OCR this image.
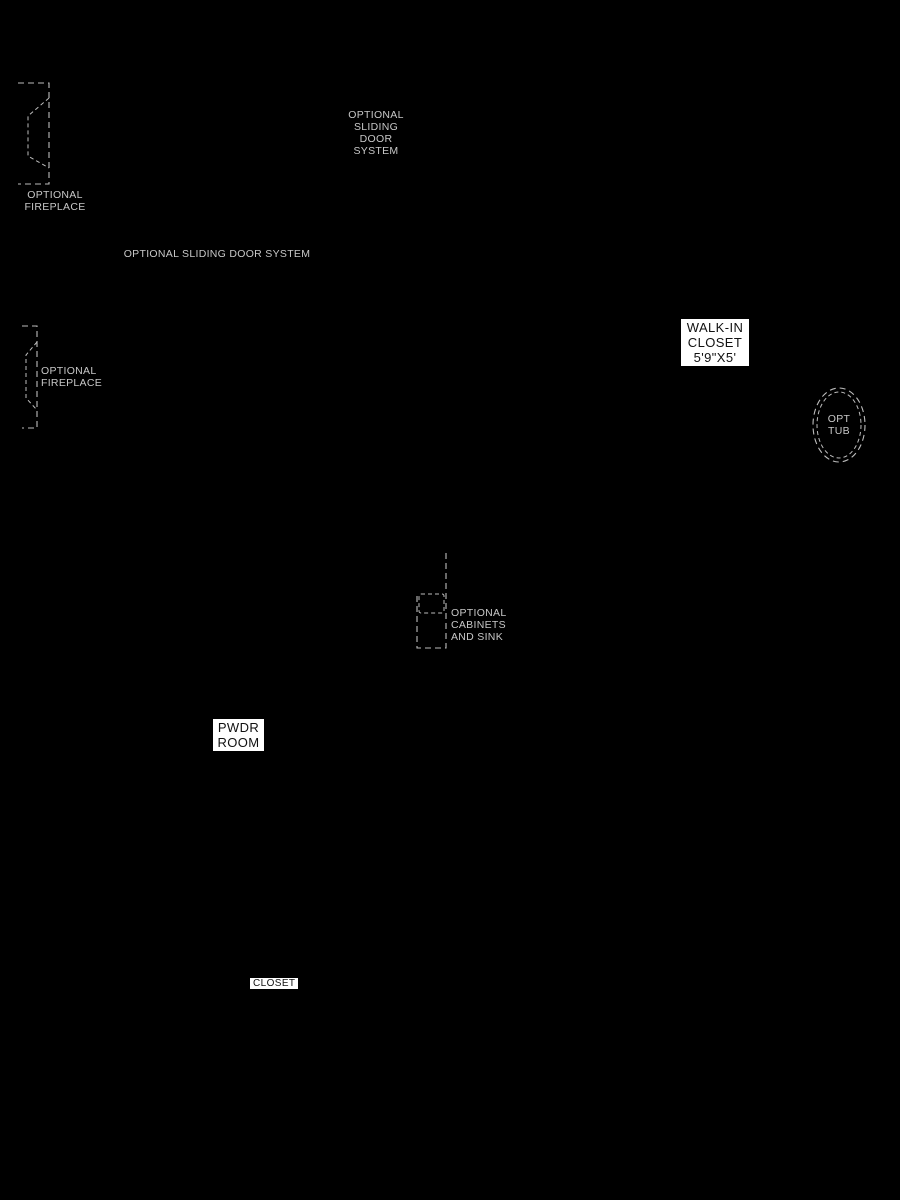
OPTIONAL
FIREPLACE
OPTIONAL
SLIDING
DOOR
SYSTEM
OPTIONAL SLIDING DOOR SYSTEM
OPTIONAL
FIREPLACE
OPT
TUB
OPTIONAL
CABINETS
AND SINK
WALK-IN
CLOSET
5'9"X5'
PWDR
ROOM
CLOSET
